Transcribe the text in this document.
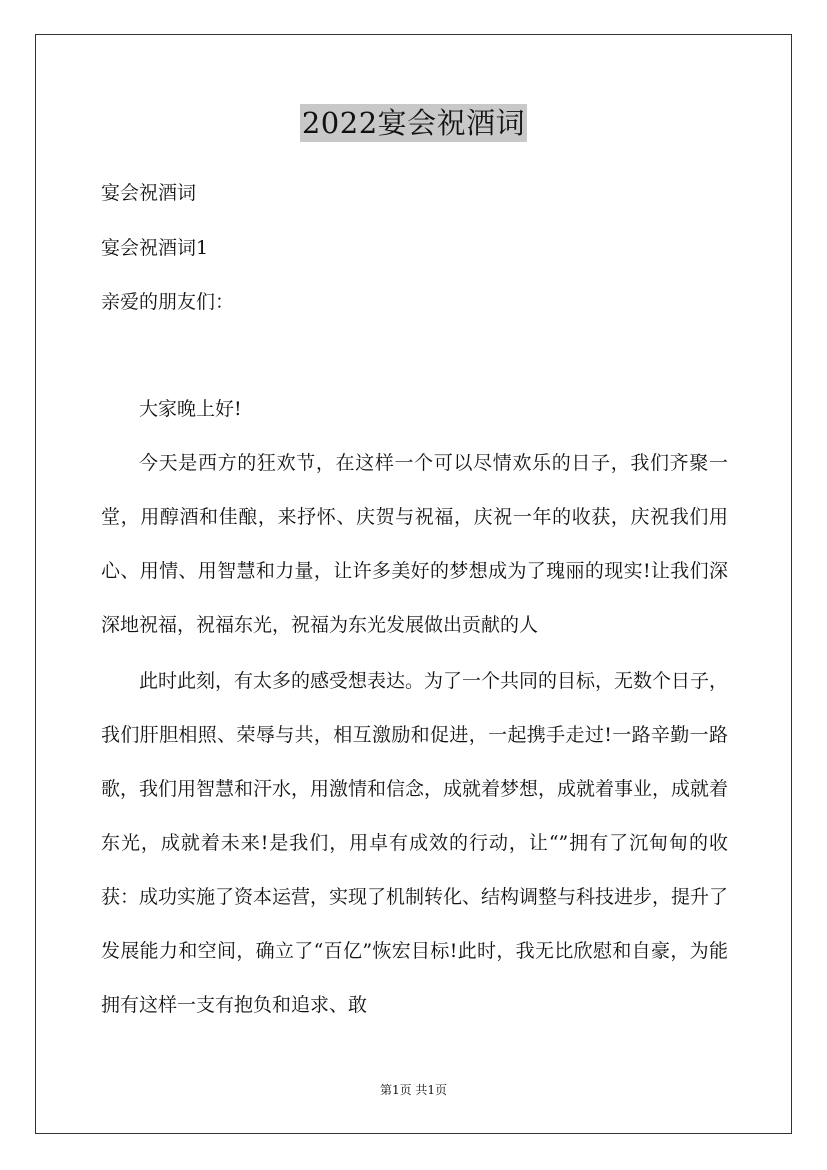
2022宴会祝酒词
宴会祝酒词
宴会祝酒词1
亲爱的朋友们：
大家晚上好!
今天是西方的狂欢节，在这样一个可以尽情欢乐的日子，我们齐聚一堂，用醇酒和佳酿，来抒怀、庆贺与祝福，庆祝一年的收获，庆祝我们用心、用情、用智慧和力量，让许多美好的梦想成为了瑰丽的现实!让我们深深地祝福，祝福东光，祝福为东光发展做出贡献的人
此时此刻，有太多的感受想表达。为了一个共同的目标，无数个日子，我们肝胆相照、荣辱与共，相互激励和促进，一起携手走过!一路辛勤一路歌，我们用智慧和汗水，用激情和信念，成就着梦想，成就着事业，成就着东光，成就着未来!是我们，用卓有成效的行动，让“”拥有了沉甸甸的收获：成功实施了资本运营，实现了机制转化、结构调整与科技进步，提升了发展能力和空间，确立了“百亿”恢宏目标!此时，我无比欣慰和自豪，为能拥有这样一支有抱负和追求、敢
第1页 共1页
